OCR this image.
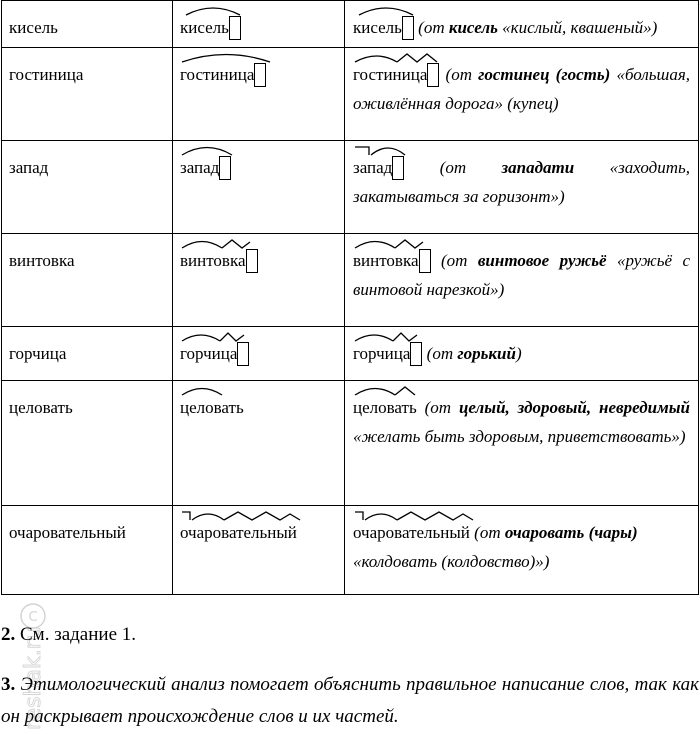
кисель	кисель	кисель (от кисель «кислый, квашеный»)
гостиница	гостиница	гостиница (от гостинец (гость) «большая, оживлённая дорога» (купец)
запад	запад	запад (от западати «заходить, закатываться за горизонт»)
винтовка	винтовка	винтовка (от винтовое ружьё «ружьё с винтовой нарезкой»)
горчица	горчица	горчица (от горький)
целовать	целовать	целовать (от целый, здоровый, невредимый «желать быть здоровым, приветствовать»)
очаровательный	очаровательный	очаровательный (от очаровать (чары) «колдовать (колдовство)»)
2. См. задание 1.
3. Этимологический анализ помогает объяснить правильное написание слов, так как он раскрывает происхождение слов и их частей.
C
reshak.ru
